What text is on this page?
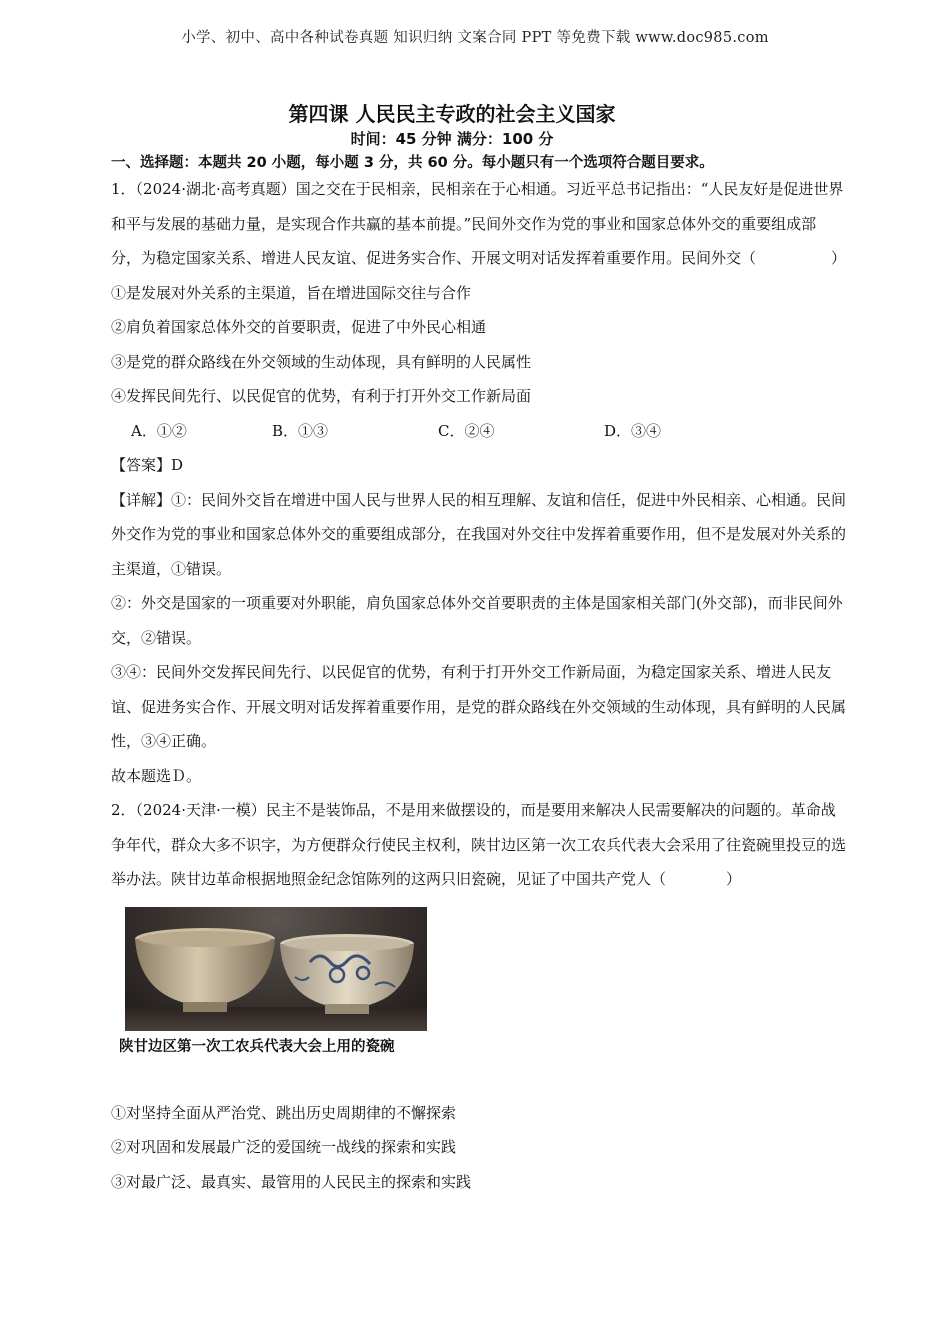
小学、初中、高中各种试卷真题 知识归纳 文案合同 PPT 等免费下载 www.doc985.com
第四课 人民民主专政的社会主义国家
时间：45 分钟 满分：100 分
一、选择题：本题共 20 小题，每小题 3 分，共 60 分。每小题只有一个选项符合题目要求。

1．（2024·湖北·高考真题）国之交在于民相亲，民相亲在于心相通。习近平总书记指出：“人民友好是促进世界和平与发展的基础力量，是实现合作共赢的基本前提。”民间外交作为党的事业和国家总体外交的重要组成部分，为稳定国家关系、增进人民友谊、促进务实合作、开展文明对话发挥着重要作用。民间外交（　　　　　）

①是发展对外关系的主渠道，旨在增进国际交往与合作

②肩负着国家总体外交的首要职责，促进了中外民心相通

③是党的群众路线在外交领域的生动体现，具有鲜明的人民属性

④发挥民间先行、以民促官的优势，有利于打开外交工作新局面

A．①②	B．①③	C．②④	D．③④

【答案】D

【详解】①：民间外交旨在增进中国人民与世界人民的相互理解、友谊和信任，促进中外民相亲、心相通。民间外交作为党的事业和国家总体外交的重要组成部分，在我国对外交往中发挥着重要作用，但不是发展对外关系的主渠道，①错误。

②：外交是国家的一项重要对外职能，肩负国家总体外交首要职责的主体是国家相关部门(外交部)，而非民间外交，②错误。

③④：民间外交发挥民间先行、以民促官的优势，有利于打开外交工作新局面，为稳定国家关系、增进人民友谊、促进务实合作、开展文明对话发挥着重要作用，是党的群众路线在外交领域的生动体现，具有鲜明的人民属性，③④正确。

故本题选Ｄ。

2．（2024·天津·一模）民主不是装饰品，不是用来做摆设的，而是要用来解决人民需要解决的问题的。革命战争年代，群众大多不识字，为方便群众行使民主权利，陕甘边区第一次工农兵代表大会采用了往瓷碗里投豆的选举办法。陕甘边革命根据地照金纪念馆陈列的这两只旧瓷碗，见证了中国共产党人（　　　　）

陕甘边区第一次工农兵代表大会上用的瓷碗

①对坚持全面从严治党、跳出历史周期律的不懈探索

②对巩固和发展最广泛的爱国统一战线的探索和实践

③对最广泛、最真实、最管用的人民民主的探索和实践
